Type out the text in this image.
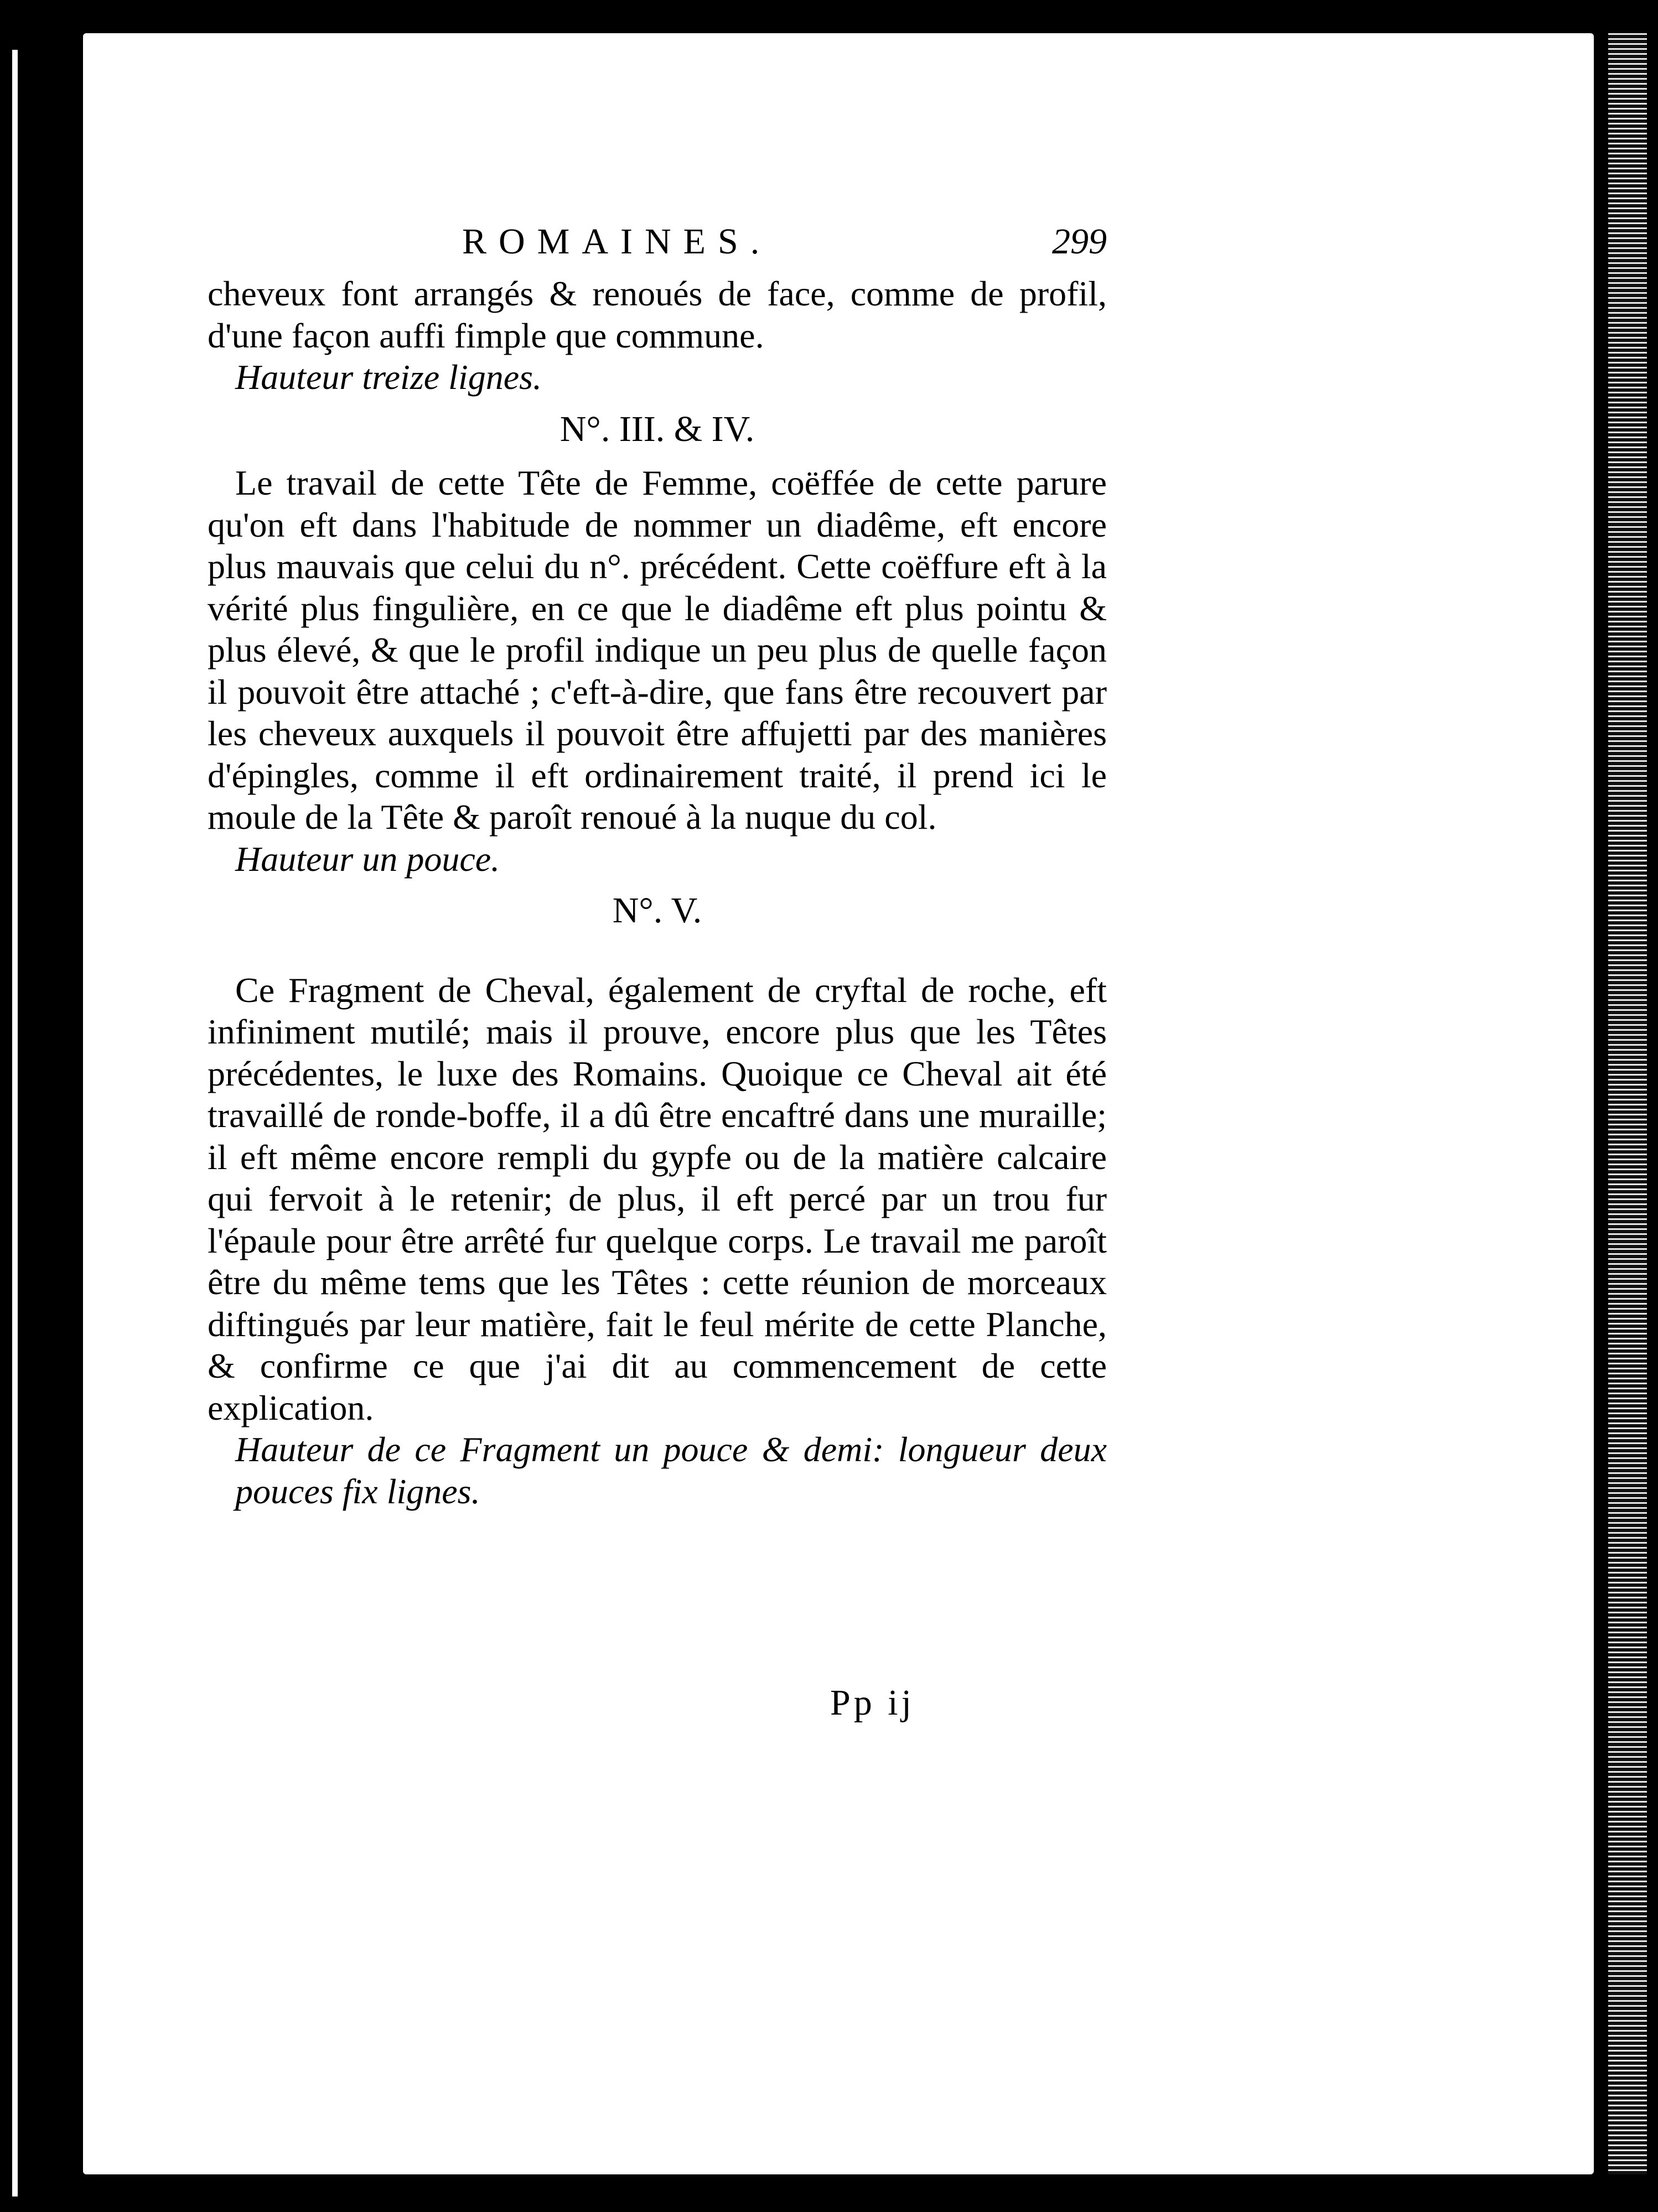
ROMAINES.	299

cheveux font arrangés & renoués de face, comme de profil, d'une façon auffi fimple que commune.

Hauteur treize lignes.

N°. III. & IV.

Le travail de cette Tête de Femme, coëffée de cette parure qu'on eft dans l'habitude de nommer un diadême, eft encore plus mauvais que celui du n°. précédent. Cette coëffure eft à la vérité plus fingulière, en ce que le diadême eft plus pointu & plus élevé, & que le profil indique un peu plus de quelle façon il pouvoit être attaché ; c'eft-à-dire, que fans être recouvert par les cheveux auxquels il pouvoit être affujetti par des manières d'épingles, comme il eft ordinairement traité, il prend ici le moule de la Tête & paroît renoué à la nuque du col.

Hauteur un pouce.

N°. V.

Ce Fragment de Cheval, également de cryftal de roche, eft infiniment mutilé; mais il prouve, encore plus que les Têtes précédentes, le luxe des Romains. Quoique ce Cheval ait été travaillé de ronde-boffe, il a dû être encaftré dans une muraille; il eft même encore rempli du gypfe ou de la matière calcaire qui fervoit à le retenir; de plus, il eft percé par un trou fur l'épaule pour être arrêté fur quelque corps. Le travail me paroît être du même tems que les Têtes : cette réunion de morceaux diftingués par leur matière, fait le feul mérite de cette Planche, & confirme ce que j'ai dit au commencement de cette explication.

Hauteur de ce Fragment un pouce & demi: longueur deux pouces fix lignes.

Pp ij
